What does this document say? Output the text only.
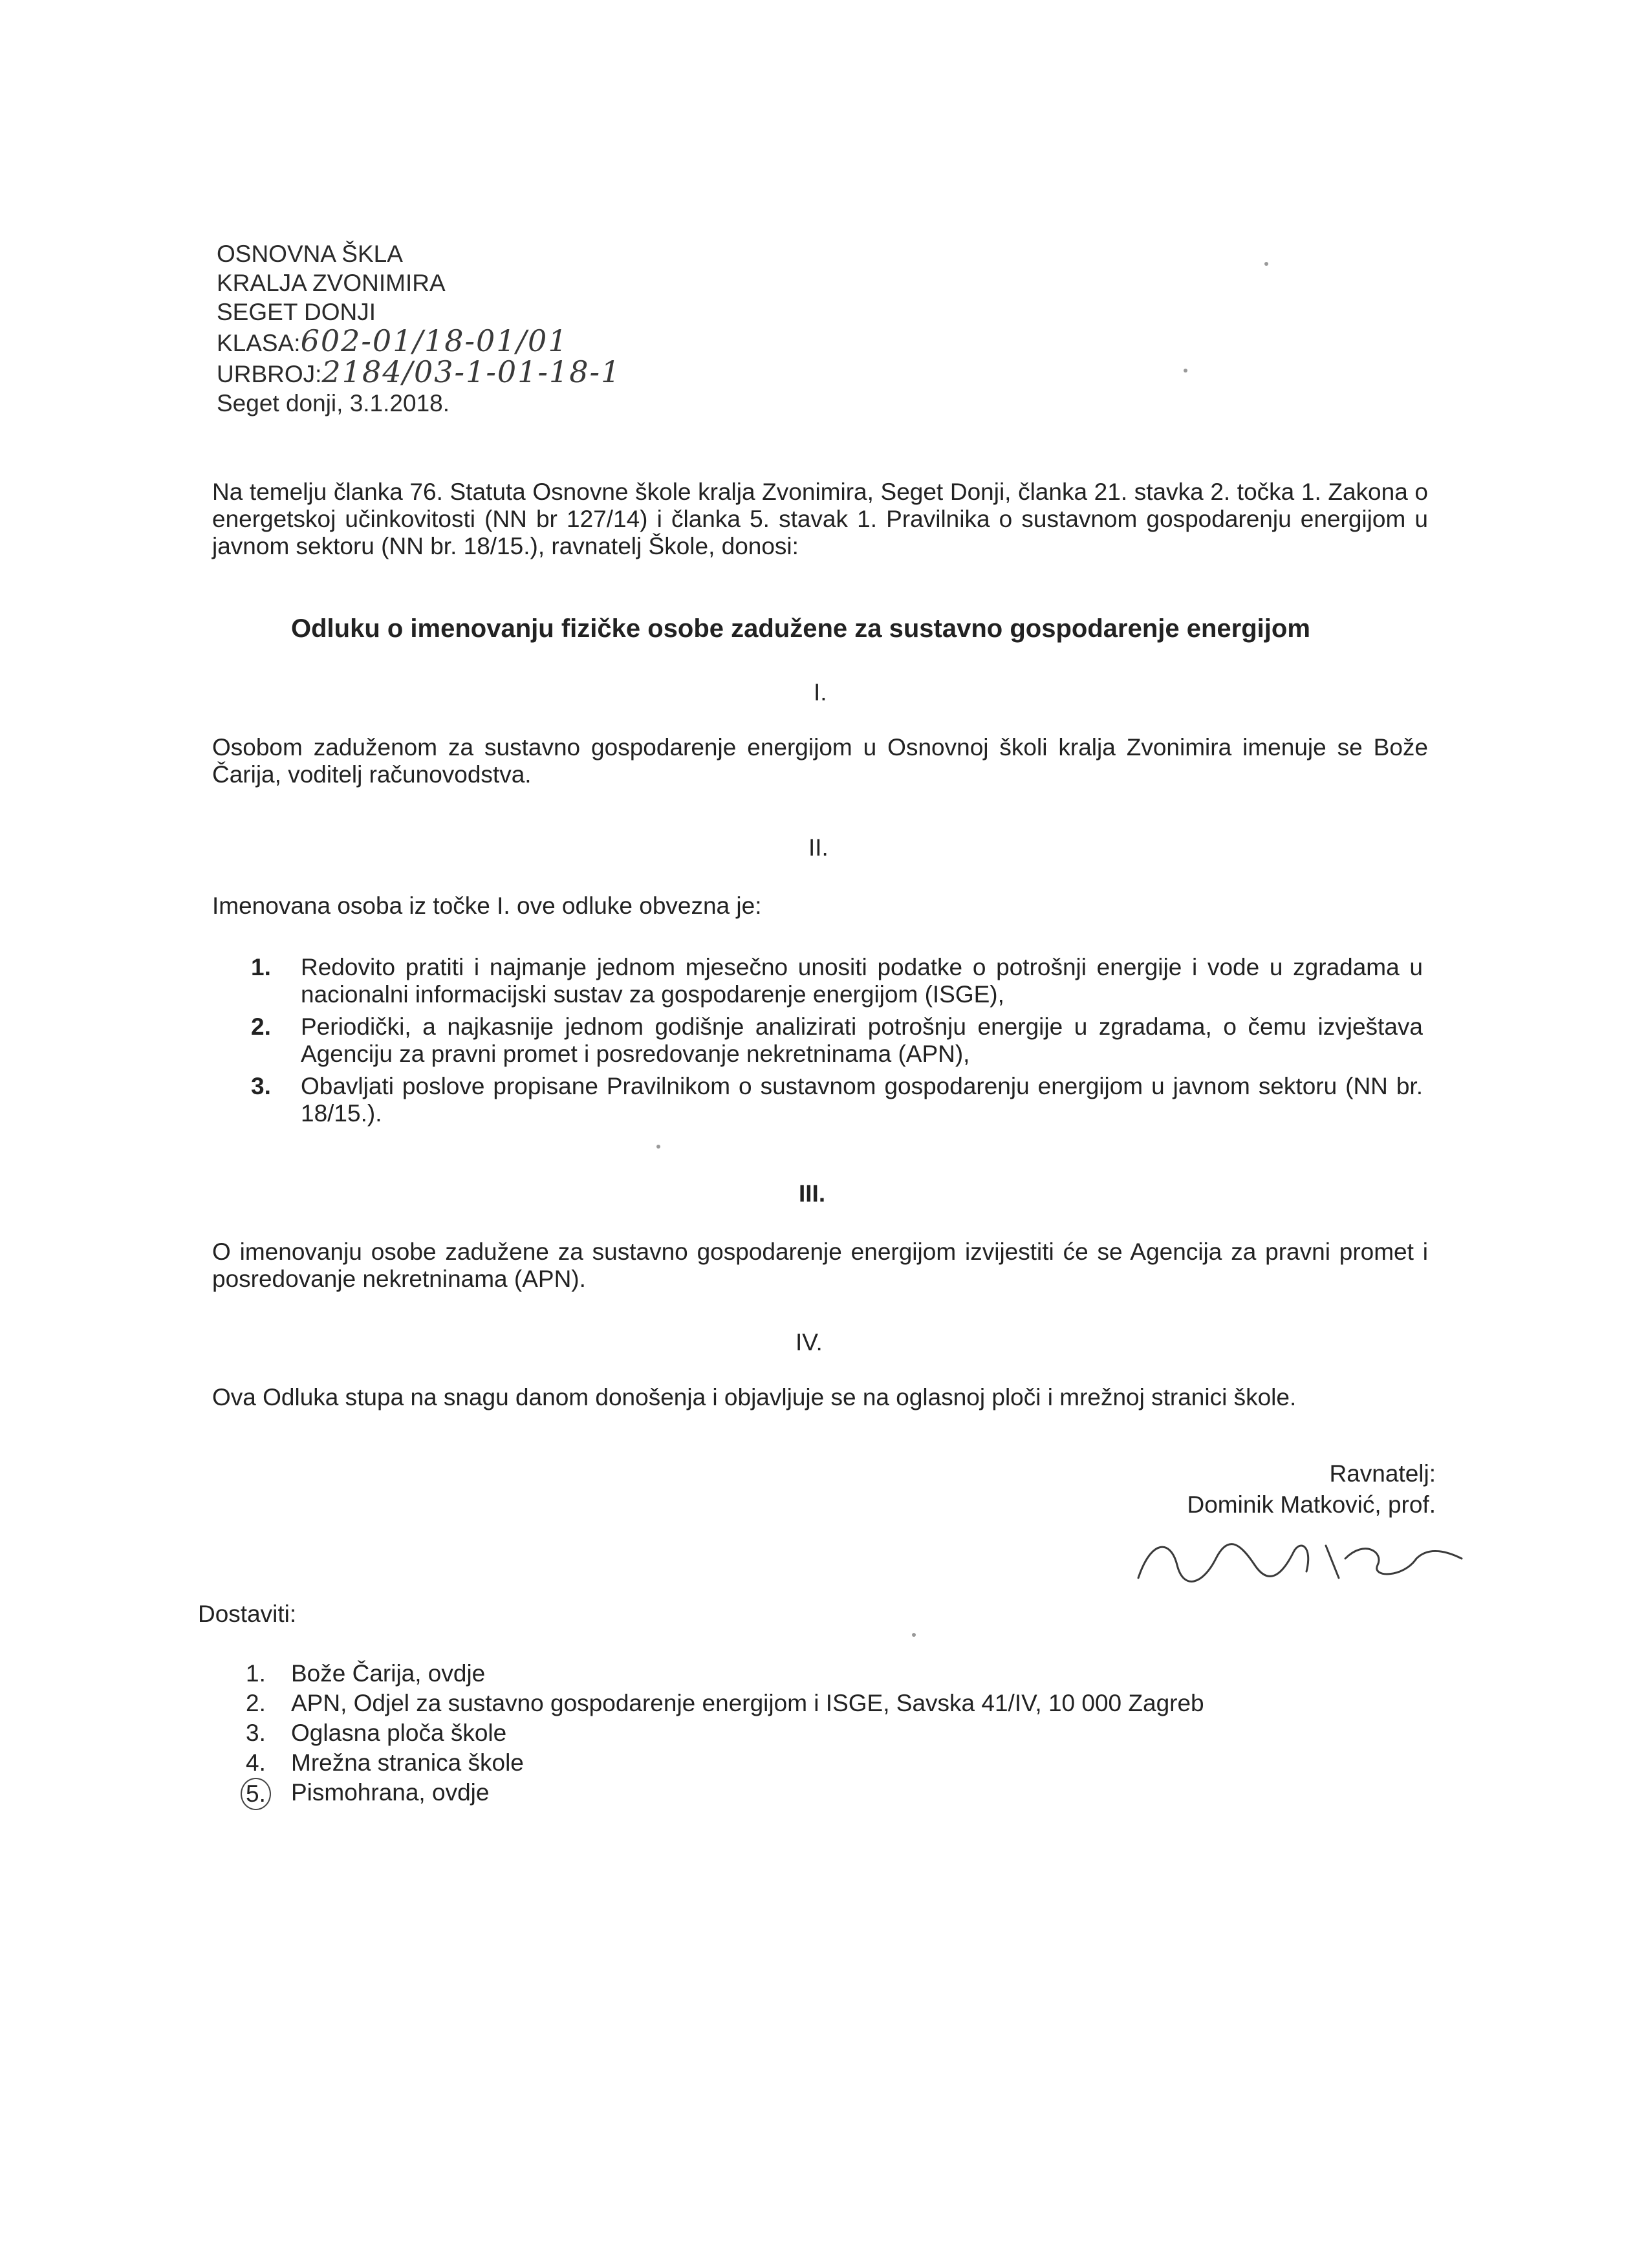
OSNOVNA ŠKLA
KRALJA ZVONIMIRA
SEGET DONJI
KLASA:602-01/18-01/01
URBROJ:2184/03-1-01-18-1
Seget donji, 3.1.2018.
Na temelju članka 76. Statuta Osnovne škole kralja Zvonimira, Seget Donji, članka 21. stavka 2. točka 1. Zakona o energetskoj učinkovitosti (NN br 127/14) i članka 5. stavak 1. Pravilnika o sustavnom gospodarenju energijom u javnom sektoru (NN br. 18/15.), ravnatelj Škole, donosi:
Odluku o imenovanju fizičke osobe zadužene za sustavno gospodarenje energijom
I.
Osobom zaduženom za sustavno gospodarenje energijom u Osnovnoj školi kralja Zvonimira imenuje se Bože Čarija, voditelj računovodstva.
II.
Imenovana osoba iz točke I. ove odluke obvezna je:
1. Redovito pratiti i najmanje jednom mjesečno unositi podatke o potrošnji energije i vode u zgradama u nacionalni informacijski sustav za gospodarenje energijom (ISGE),
2. Periodički, a najkasnije jednom godišnje analizirati potrošnju energije u zgradama, o čemu izvještava Agenciju za pravni promet i posredovanje nekretninama (APN),
3. Obavljati poslove propisane Pravilnikom o sustavnom gospodarenju energijom u javnom sektoru (NN br. 18/15.).
III.
O imenovanju osobe zadužene za sustavno gospodarenje energijom izvijestiti će se Agencija za pravni promet i posredovanje nekretninama (APN).
IV.
Ova Odluka stupa na snagu danom donošenja i objavljuje se na oglasnoj ploči i mrežnoj stranici škole.
Ravnatelj:
Dominik Matković, prof.
Dostaviti:
1. Bože Čarija, ovdje
2. APN, Odjel za sustavno gospodarenje energijom i ISGE, Savska 41/IV, 10 000 Zagreb
3. Oglasna ploča škole
4. Mrežna stranica škole
5. Pismohrana, ovdje
